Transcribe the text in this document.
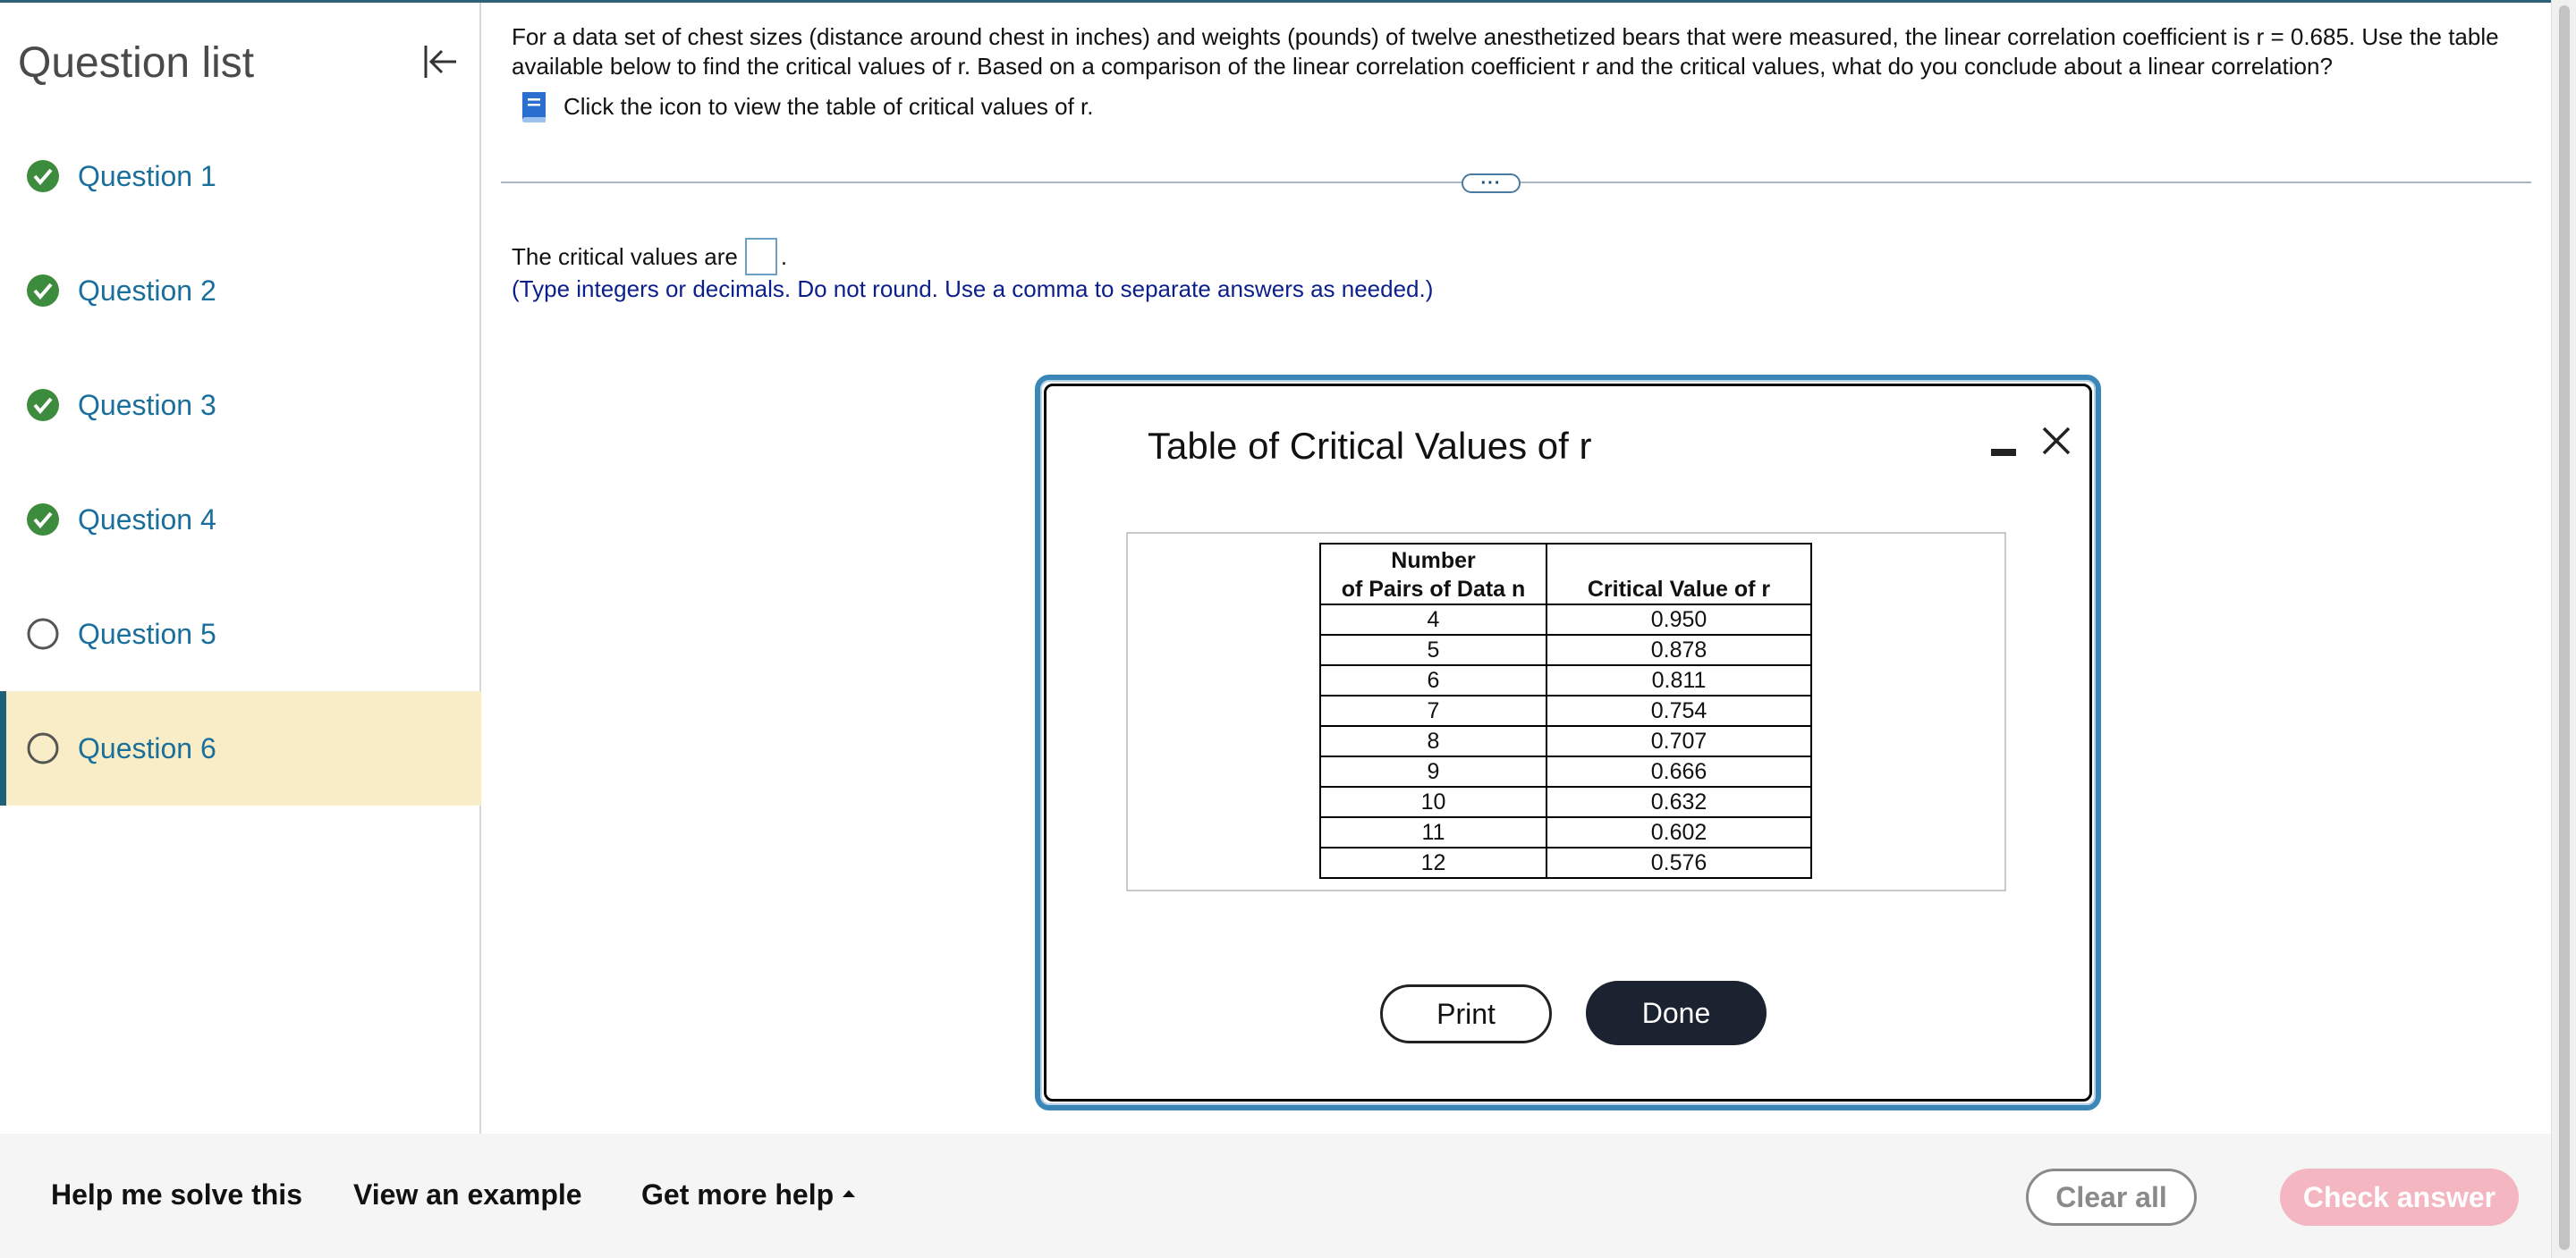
Question list
Question 1
Question 2
Question 3
Question 4
Question 5
Question 6
For a data set of chest sizes (distance around chest in inches) and weights (pounds) of twelve anesthetized bears that were measured, the linear correlation coefficient is r = 0.685. Use the table available below to find the critical values of r. Based on a comparison of the linear correlation coefficient r and the critical values, what do you conclude about a linear correlation?
Click the icon to view the table of critical values of r.
···
The critical values are .
(Type integers or decimals. Do not round. Use a comma to separate answers as needed.)
Table of Critical Values of r
Number
of Pairs of Data n	Critical Value of r
4	0.950
5	0.878
6	0.811
7	0.754
8	0.707
9	0.666
10	0.632
11	0.602
12	0.576
Print	Done
Help me solve this View an example Get more help	Clear all	Check answer
